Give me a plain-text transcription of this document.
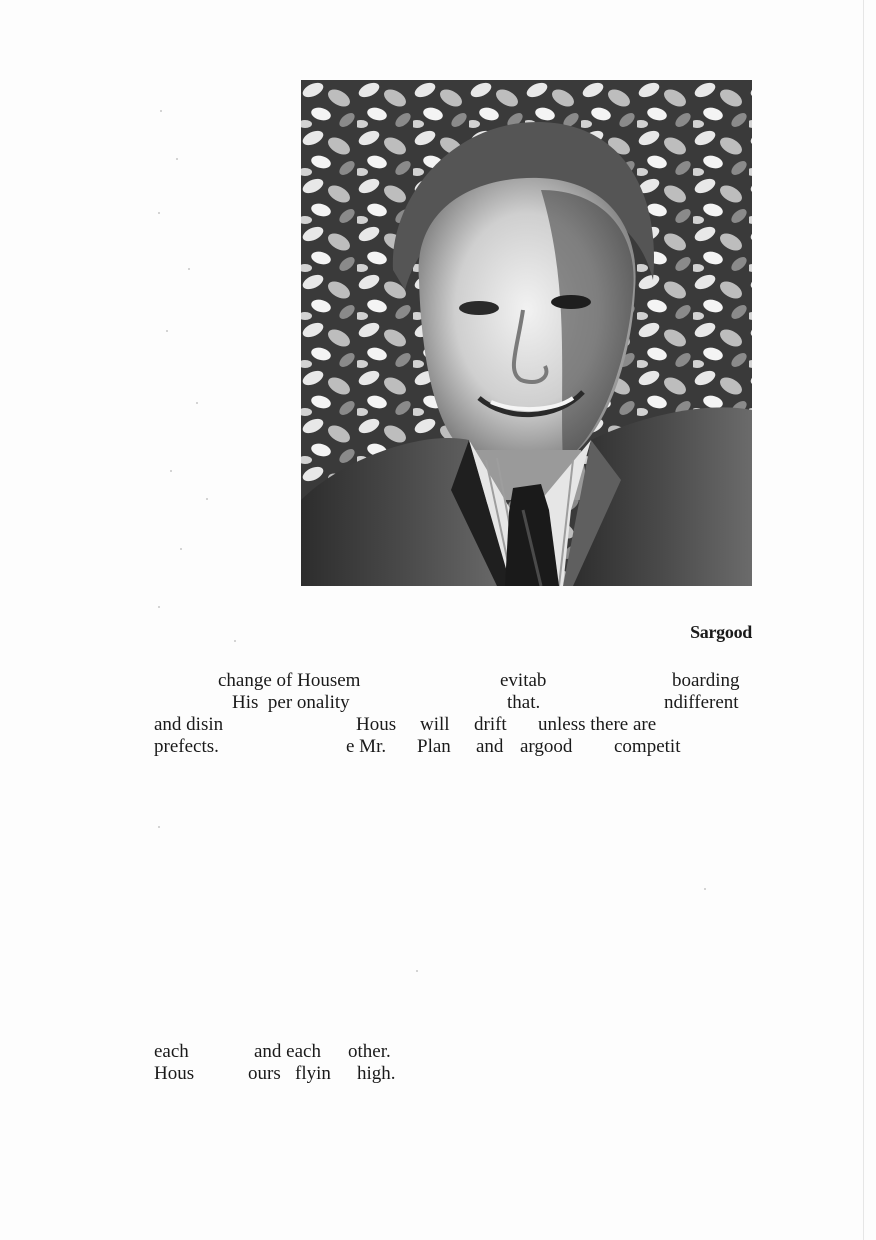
Sargood
change of Housem	evitab	boarding
His  per onality	that.	ndifferent
and disin	Hous will drift unless there are
prefects.	e Mr. Plan and argood competit
each	and each other.
Hous	ours flyin high.
